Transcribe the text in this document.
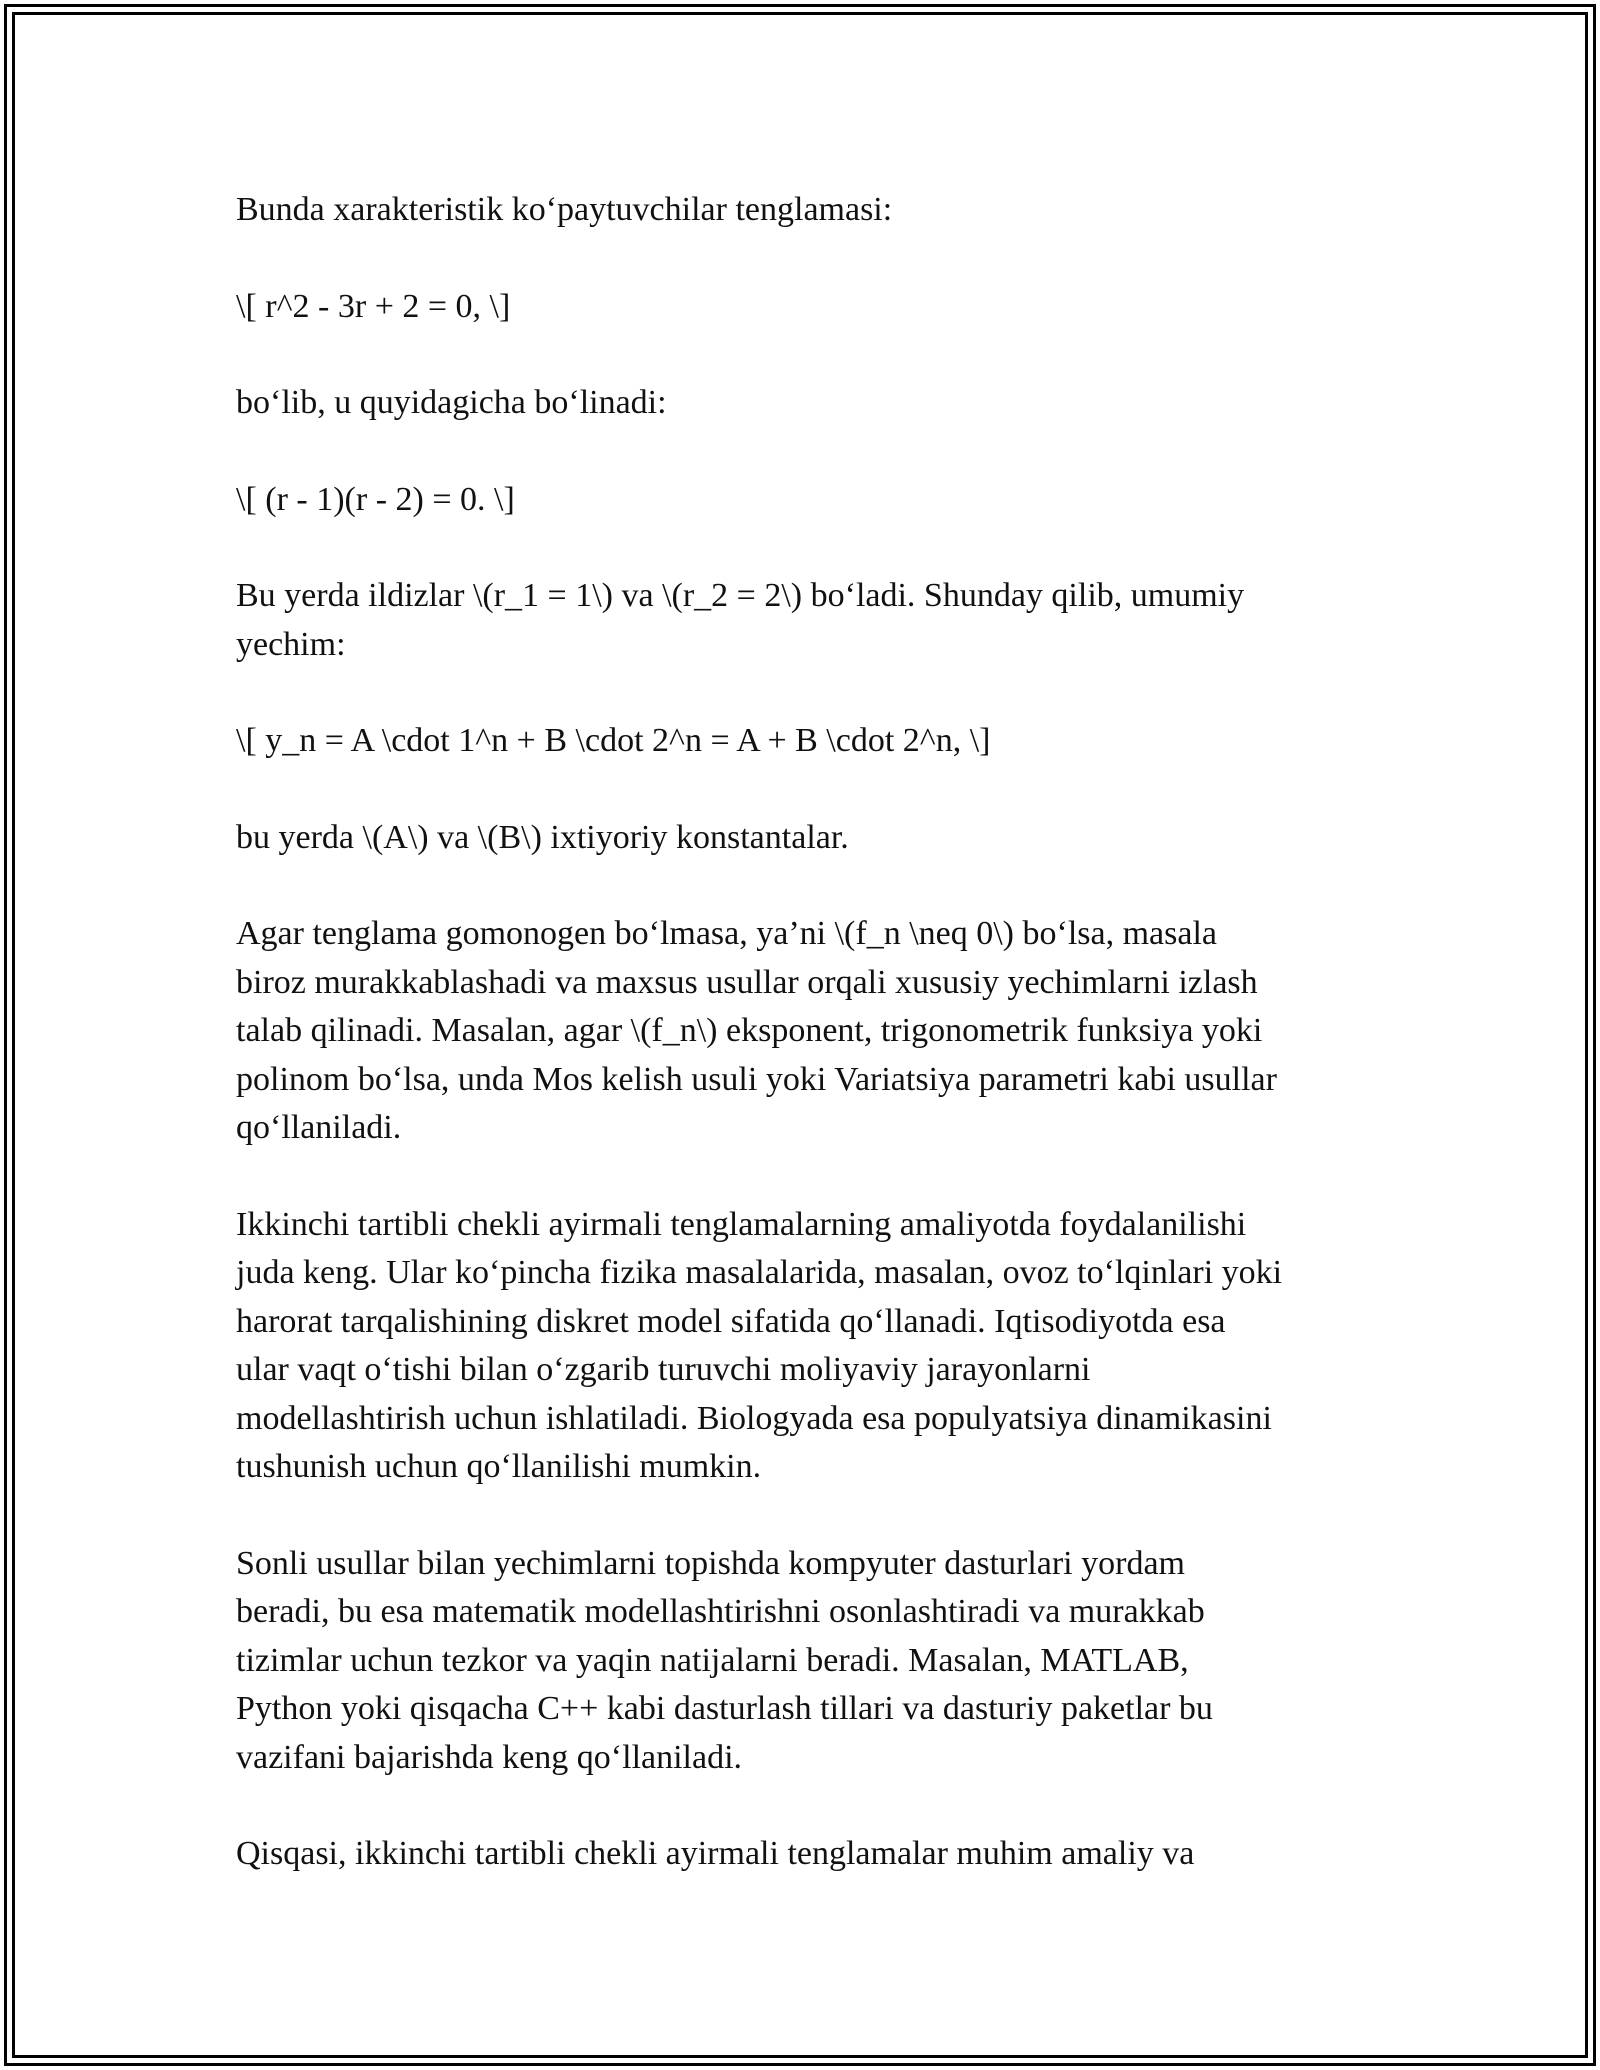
Bunda xarakteristik ko‘paytuvchilar tenglamasi:

\[ r^2 - 3r + 2 = 0, \]

bo‘lib, u quyidagicha bo‘linadi:

\[ (r - 1)(r - 2) = 0. \]

Bu yerda ildizlar \(r_1 = 1\) va \(r_2 = 2\) bo‘ladi. Shunday qilib, umumiy
yechim:

\[ y_n = A \cdot 1^n + B \cdot 2^n = A + B \cdot 2^n, \]

bu yerda \(A\) va \(B\) ixtiyoriy konstantalar.

Agar tenglama gomonogen bo‘lmasa, ya’ni \(f_n \neq 0\) bo‘lsa, masala
biroz murakkablashadi va maxsus usullar orqali xususiy yechimlarni izlash
talab qilinadi. Masalan, agar \(f_n\) eksponent, trigonometrik funksiya yoki
polinom bo‘lsa, unda Mos kelish usuli yoki Variatsiya parametri kabi usullar
qo‘llaniladi.

Ikkinchi tartibli chekli ayirmali tenglamalarning amaliyotda foydalanilishi
juda keng. Ular ko‘pincha fizika masalalarida, masalan, ovoz to‘lqinlari yoki
harorat tarqalishining diskret model sifatida qo‘llanadi. Iqtisodiyotda esa
ular vaqt o‘tishi bilan o‘zgarib turuvchi moliyaviy jarayonlarni
modellashtirish uchun ishlatiladi. Biologyada esa populyatsiya dinamikasini
tushunish uchun qo‘llanilishi mumkin.

Sonli usullar bilan yechimlarni topishda kompyuter dasturlari yordam
beradi, bu esa matematik modellashtirishni osonlashtiradi va murakkab
tizimlar uchun tezkor va yaqin natijalarni beradi. Masalan, MATLAB,
Python yoki qisqacha C++ kabi dasturlash tillari va dasturiy paketlar bu
vazifani bajarishda keng qo‘llaniladi.

Qisqasi, ikkinchi tartibli chekli ayirmali tenglamalar muhim amaliy va
